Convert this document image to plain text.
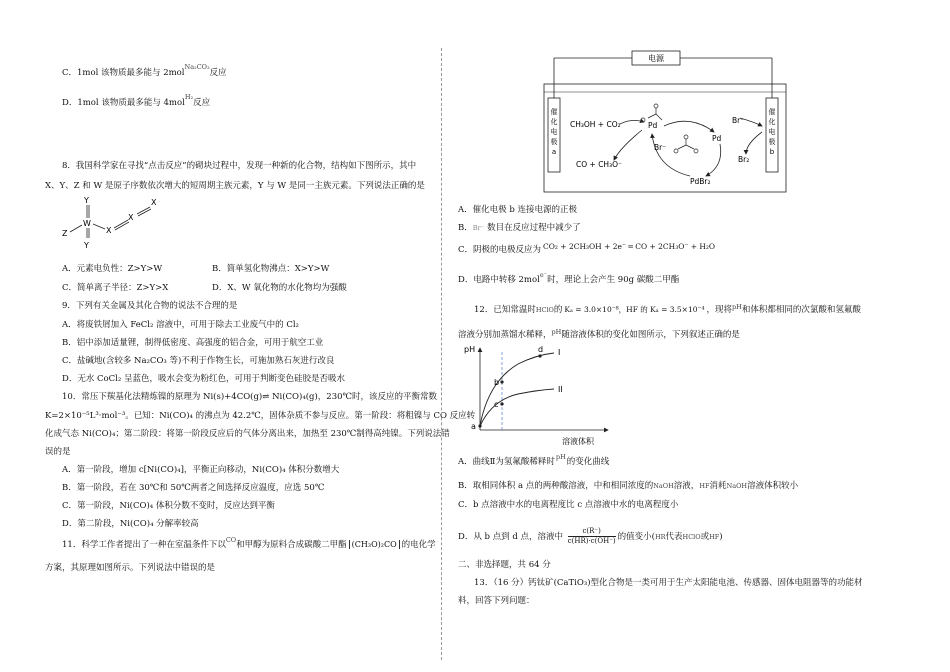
C．1mol 该物质最多能与 2mol$^{Na_2CO_3}$反应
D．1mol 该物质最多能与 4mol$^{H_2}$反应
8．我国科学家在寻找“点击反应”的砌块过程中，发现一种新的化合物，结构如下图所示，其中
X、Y、Z 和 W 是原子序数依次增大的短周期主族元素，Y 与 W 是同一主族元素。下列说法正确的是
Y
W
Y
Z	X
X
X
A．元素电负性：Z>Y>W	B．简单氢化物沸点：X>Y>W
C．简单离子半径：Z>Y>X	D．X、W 氧化物的水化物均为强酸
9．下列有关金属及其化合物的说法不合理的是
A．将废铁屑加入 FeCl₂ 溶液中，可用于除去工业废气中的 Cl₂
B．铝中添加适量锂，制得低密度、高强度的铝合金，可用于航空工业
C．盐碱地(含较多 Na₂CO₃ 等)不利于作物生长，可施加熟石灰进行改良
D．无水 CoCl₂ 呈蓝色，吸水会变为粉红色，可用于判断变色硅胶是否吸水
10．常压下羰基化法精炼镍的原理为 Ni(s)+4CO(g)⇌ Ni(CO)₄(g)，230℃时，该反应的平衡常数
K=2×10⁻⁵L³·mol⁻³。已知：Ni(CO)₄ 的沸点为 42.2℃，固体杂质不参与反应。第一阶段：将粗镍与 CO 反应转
化成气态 Ni(CO)₄；第二阶段：将第一阶段反应后的气体分离出来，加热至 230℃制得高纯镍。下列说法错
误的是
A．第一阶段，增加 c[Ni(CO)₄]，平衡正向移动，Ni(CO)₄ 体积分数增大
B．第一阶段，若在 30℃和 50℃两者之间选择反应温度，应选 50℃
C．第一阶段，Ni(CO)₄ 体积分数不变时，反应达到平衡
D．第二阶段，Ni(CO)₄ 分解率较高
11．科学工作者提出了一种在室温条件下以$^{CO}$和甲醇为原料合成碳酸二甲酯 (CH₃O)₂CO 的电化学
方案，其原理如图所示。下列说法中错误的是
电源
催
化
电
极
a
催
化
电
极
b
CH₃OH + CO₂
CO + CH₃O⁻
Pd
Pd
PdBr₂
Br⁻
Br⁻
Br₂
A．催化电极 b 连接电源的正极
B．Br⁻ 数目在反应过程中减少了
C．阴极的电极反应为 CO₂ + 2CH₃OH + 2e⁻ ═ CO + 2CH₃O⁻ + H₂O
D．电路中转移 2mol$^{e^-}$时，理论上会产生 90g 碳酸二甲酯
12．已知常温时HClO的 Kₐ = 3.0×10⁻⁸，HF 的 Kₐ = 3.5×10⁻⁴ ，现将$^{pH}$和体积都相同的次氯酸和氢氟酸
溶液分别加蒸馏水稀释，$^{pH}$随溶液体积的变化如图所示，下列叙述正确的是
pH
溶液体积
I
II
a
b
c
d
A．曲线Ⅱ为氢氟酸稀释时$^{pH}$的变化曲线
B．取相同体积 a 点的两种酸溶液，中和相同浓度的NaOH溶液，HF消耗NaOH溶液体积较小
C．b 点溶液中水的电离程度比 c 点溶液中水的电离程度小
D．从 b 点到 d 点，溶液中 $\frac{c(R^-)}{c(HR)\cdot c(OH^-)}$ 的值变小(HR代表HClO或HF)
二、非选择题，共 64 分
13．（16 分）钙钛矿(CaTiO₃)型化合物是一类可用于生产太阳能电池、传感器、固体电阻器等的功能材
料，回答下列问题：
